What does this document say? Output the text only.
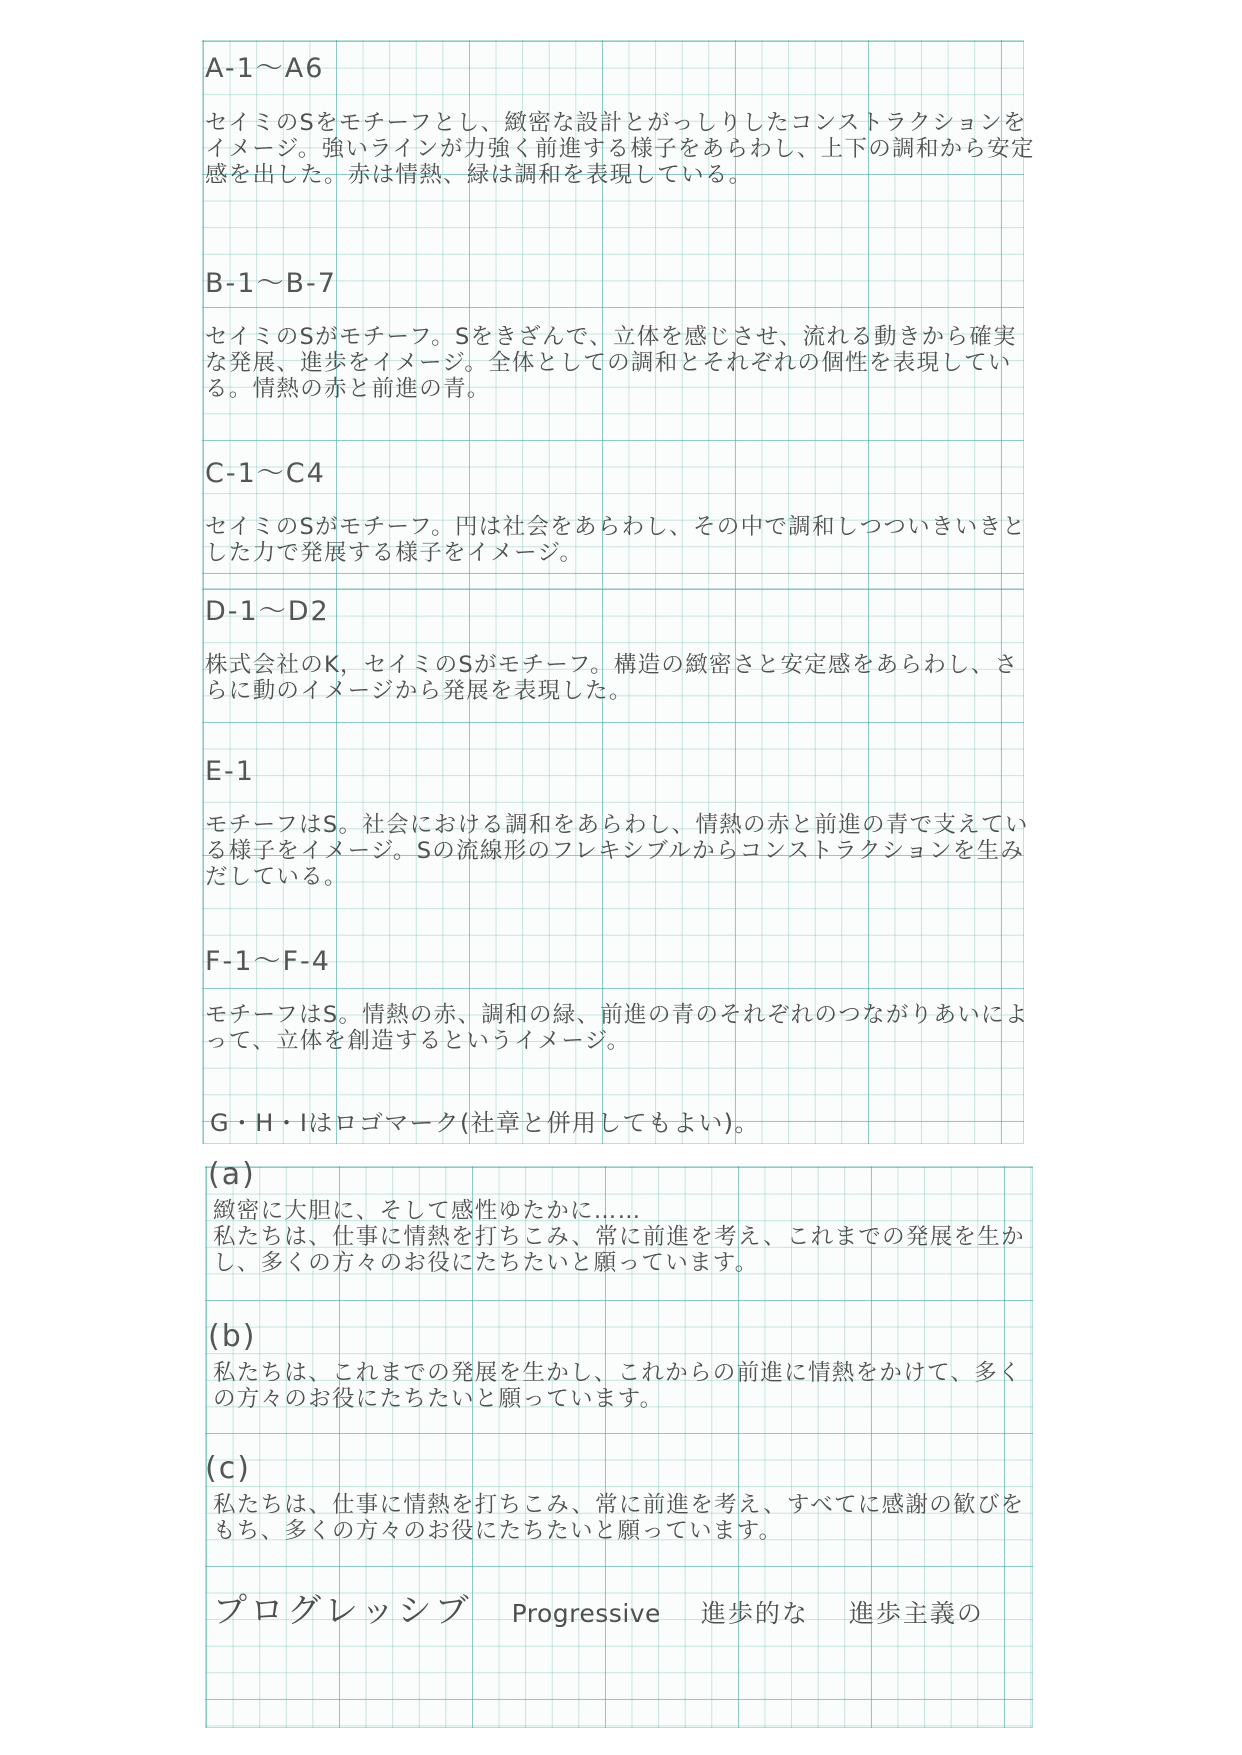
A-1〜A6
セイミのSをモチーフとし、緻密な設計とがっしりしたコンストラクションをイメージ。強いラインが力強く前進する様子をあらわし、上下の調和から安定感を出した。赤は情熱、緑は調和を表現している。
B-1〜B-7
セイミのSがモチーフ。Sをきざんで、立体を感じさせ、流れる動きから確実な発展、進歩をイメージ。全体としての調和とそれぞれの個性を表現している。情熱の赤と前進の青。
C-1〜C4
セイミのSがモチーフ。円は社会をあらわし、その中で調和しつついきいきとした力で発展する様子をイメージ。
D-1〜D2
株式会社のK，セイミのSがモチーフ。構造の緻密さと安定感をあらわし、さらに動のイメージから発展を表現した。
E-1
モチーフはS。社会における調和をあらわし、情熱の赤と前進の青で支えている様子をイメージ。Sの流線形のフレキシブルからコンストラクションを生みだしている。
F-1〜F-4
モチーフはS。情熱の赤、調和の緑、前進の青のそれぞれのつながりあいによって、立体を創造するというイメージ。
G・H・Iはロゴマーク(社章と併用してもよい)。
(a)
緻密に大胆に、そして感性ゆたかに……
私たちは、仕事に情熱を打ちこみ、常に前進を考え、これまでの発展を生かし、多くの方々のお役にたちたいと願っています。
(b)
私たちは、これまでの発展を生かし、これからの前進に情熱をかけて、多くの方々のお役にたちたいと願っています。
(c)
私たちは、仕事に情熱を打ちこみ、常に前進を考え、すべてに感謝の歓びをもち、多くの方々のお役にたちたいと願っています。
プログレッシブ Progressive 進歩的な 進歩主義の
